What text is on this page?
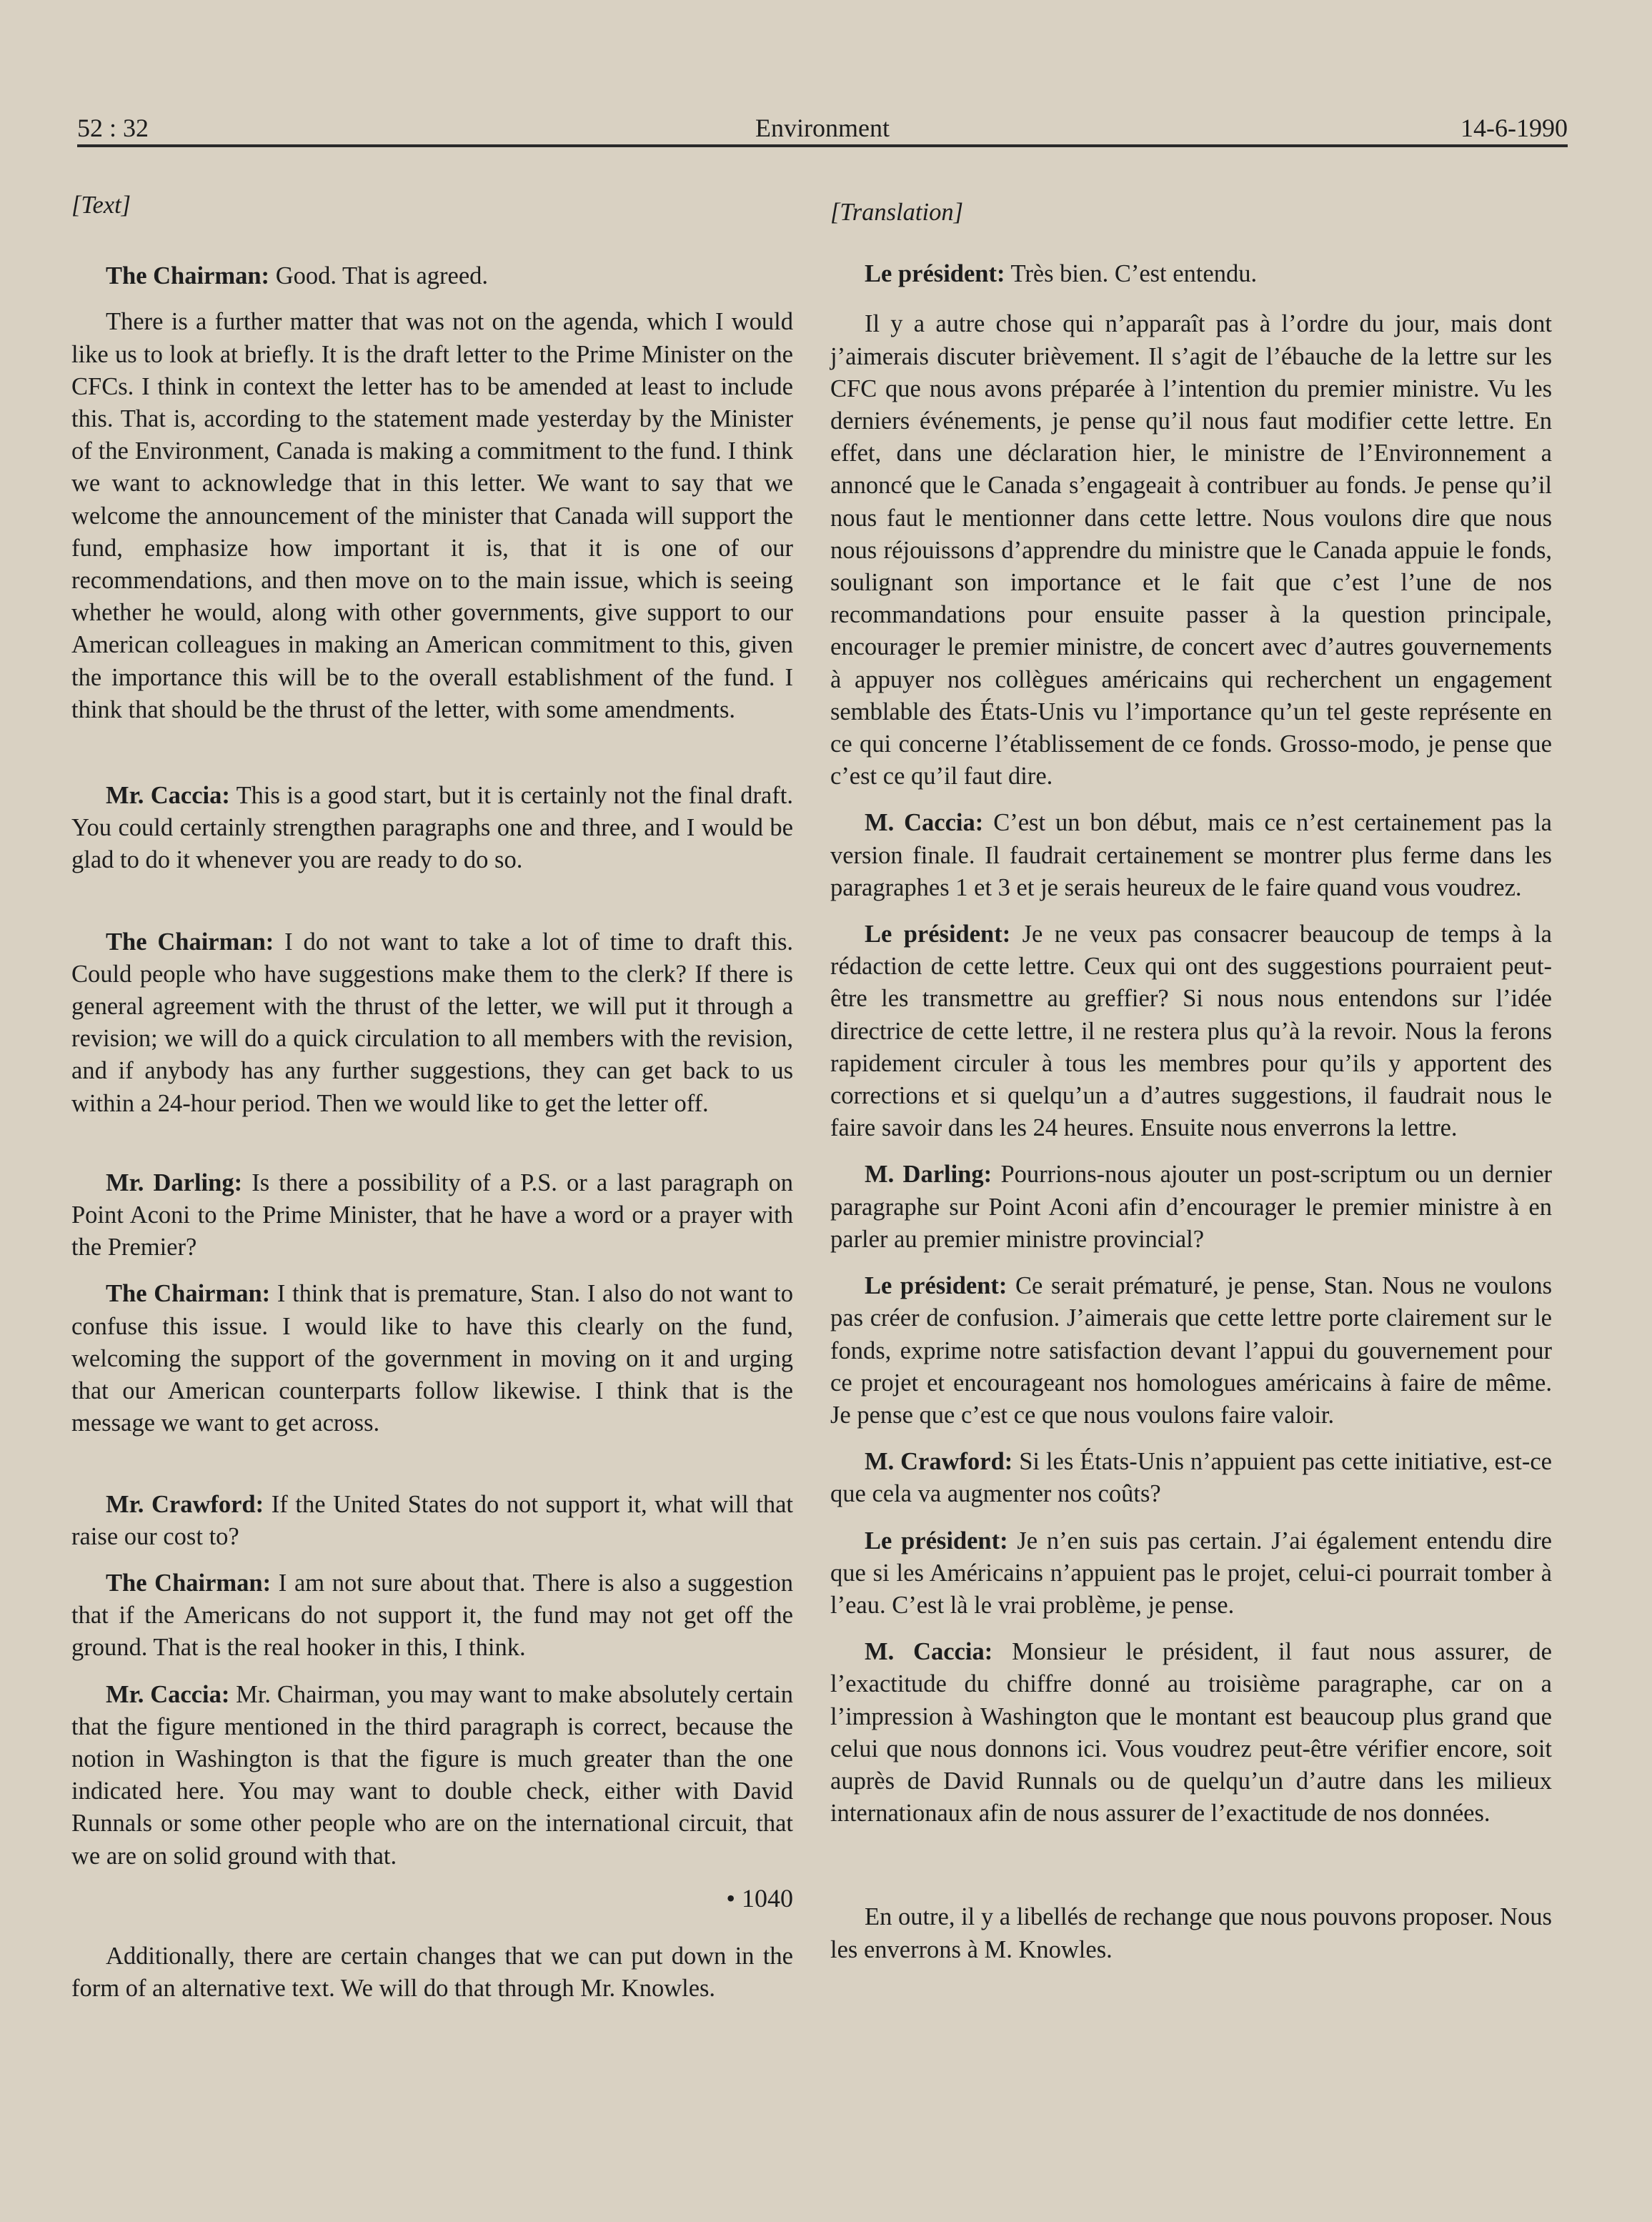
52 : 32	Environment	14-6-1990
[Text]

The Chairman: Good. That is agreed.

There is a further matter that was not on the agenda, which I would like us to look at briefly. It is the draft letter to the Prime Minister on the CFCs. I think in context the letter has to be amended at least to include this. That is, according to the statement made yesterday by the Minister of the Environment, Canada is making a commitment to the fund. I think we want to acknowledge that in this letter. We want to say that we welcome the announcement of the minister that Canada will support the fund, emphasize how important it is, that it is one of our recommendations, and then move on to the main issue, which is seeing whether he would, along with other governments, give support to our American colleagues in making an American commitment to this, given the importance this will be to the overall establishment of the fund. I think that should be the thrust of the letter, with some amendments.

Mr. Caccia: This is a good start, but it is certainly not the final draft. You could certainly strengthen paragraphs one and three, and I would be glad to do it whenever you are ready to do so.

The Chairman: I do not want to take a lot of time to draft this. Could people who have suggestions make them to the clerk? If there is general agreement with the thrust of the letter, we will put it through a revision; we will do a quick circulation to all members with the revision, and if anybody has any further suggestions, they can get back to us within a 24-hour period. Then we would like to get the letter off.

Mr. Darling: Is there a possibility of a P.S. or a last paragraph on Point Aconi to the Prime Minister, that he have a word or a prayer with the Premier?

The Chairman: I think that is premature, Stan. I also do not want to confuse this issue. I would like to have this clearly on the fund, welcoming the support of the government in moving on it and urging that our American counterparts follow likewise. I think that is the message we want to get across.

Mr. Crawford: If the United States do not support it, what will that raise our cost to?

The Chairman: I am not sure about that. There is also a suggestion that if the Americans do not support it, the fund may not get off the ground. That is the real hooker in this, I think.

Mr. Caccia: Mr. Chairman, you may want to make absolutely certain that the figure mentioned in the third paragraph is correct, because the notion in Washington is that the figure is much greater than the one indicated here. You may want to double check, either with David Runnals or some other people who are on the international circuit, that we are on solid ground with that.

• 1040

Additionally, there are certain changes that we can put down in the form of an alternative text. We will do that through Mr. Knowles.

[Translation]

Le président: Très bien. C’est entendu.

Il y a autre chose qui n’apparaît pas à l’ordre du jour, mais dont j’aimerais discuter brièvement. Il s’agit de l’ébauche de la lettre sur les CFC que nous avons préparée à l’intention du premier ministre. Vu les derniers événements, je pense qu’il nous faut modifier cette lettre. En effet, dans une déclaration hier, le ministre de l’Environnement a annoncé que le Canada s’engageait à contribuer au fonds. Je pense qu’il nous faut le mentionner dans cette lettre. Nous voulons dire que nous nous réjouissons d’apprendre du ministre que le Canada appuie le fonds, soulignant son importance et le fait que c’est l’une de nos recommandations pour ensuite passer à la question principale, encourager le premier ministre, de concert avec d’autres gouvernements à appuyer nos collègues américains qui recherchent un engagement semblable des États-Unis vu l’importance qu’un tel geste représente en ce qui concerne l’établissement de ce fonds. Grosso-modo, je pense que c’est ce qu’il faut dire.

M. Caccia: C’est un bon début, mais ce n’est certainement pas la version finale. Il faudrait certainement se montrer plus ferme dans les paragraphes 1 et 3 et je serais heureux de le faire quand vous voudrez.

Le président: Je ne veux pas consacrer beaucoup de temps à la rédaction de cette lettre. Ceux qui ont des suggestions pourraient peut-être les transmettre au greffier? Si nous nous entendons sur l’idée directrice de cette lettre, il ne restera plus qu’à la revoir. Nous la ferons rapidement circuler à tous les membres pour qu’ils y apportent des corrections et si quelqu’un a d’autres suggestions, il faudrait nous le faire savoir dans les 24 heures. Ensuite nous enverrons la lettre.

M. Darling: Pourrions-nous ajouter un post-scriptum ou un dernier paragraphe sur Point Aconi afin d’encourager le premier ministre à en parler au premier ministre provincial?

Le président: Ce serait prématuré, je pense, Stan. Nous ne voulons pas créer de confusion. J’aimerais que cette lettre porte clairement sur le fonds, exprime notre satisfaction devant l’appui du gouvernement pour ce projet et encourageant nos homologues américains à faire de même. Je pense que c’est ce que nous voulons faire valoir.

M. Crawford: Si les États-Unis n’appuient pas cette initiative, est-ce que cela va augmenter nos coûts?

Le président: Je n’en suis pas certain. J’ai également entendu dire que si les Américains n’appuient pas le projet, celui-ci pourrait tomber à l’eau. C’est là le vrai problème, je pense.

M. Caccia: Monsieur le président, il faut nous assurer, de l’exactitude du chiffre donné au troisième paragraphe, car on a l’impression à Washington que le montant est beaucoup plus grand que celui que nous donnons ici. Vous voudrez peut-être vérifier encore, soit auprès de David Runnals ou de quelqu’un d’autre dans les milieux internationaux afin de nous assurer de l’exactitude de nos données.

En outre, il y a libellés de rechange que nous pouvons proposer. Nous les enverrons à M. Knowles.
